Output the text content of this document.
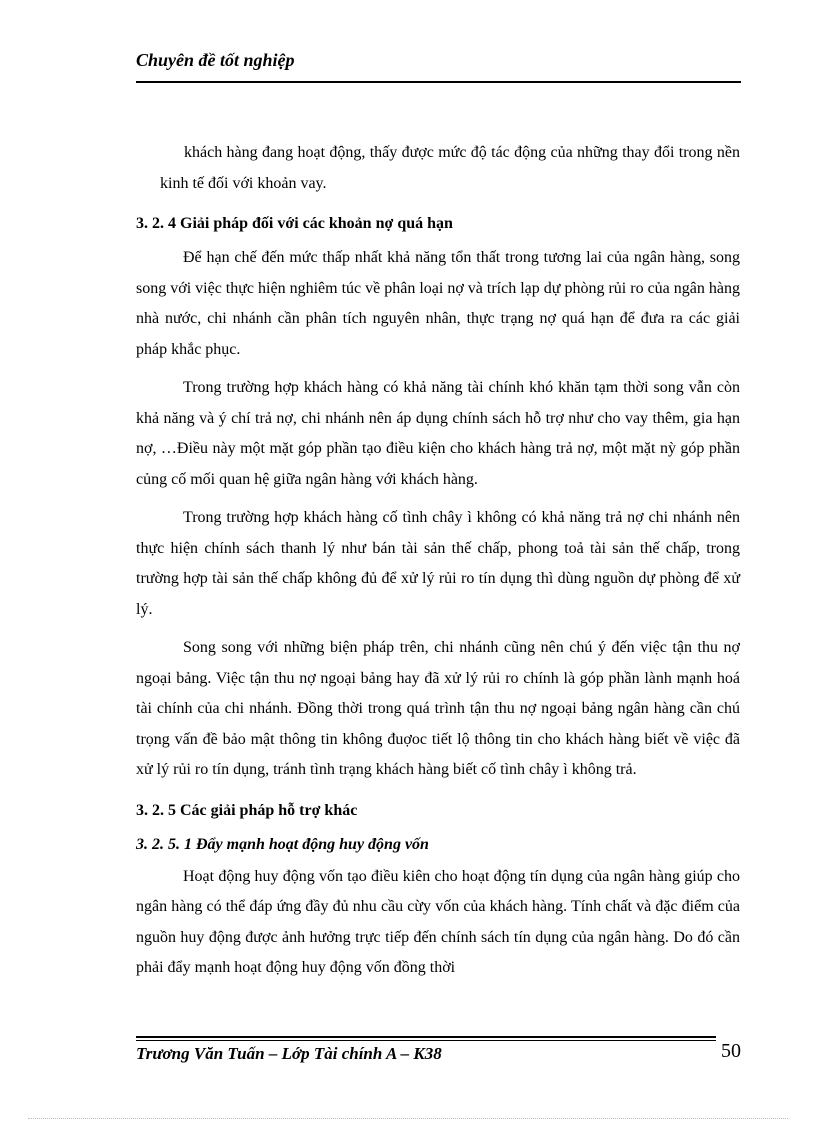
Chuyên đề tốt nghiệp

khách hàng đang hoạt động, thấy được mức độ tác động của những thay đổi trong nền kinh tế đối với khoản vay.

3. 2. 4 Giải pháp đối với các khoản nợ quá hạn

Để hạn chế đến mức thấp nhất khả năng tổn thất trong tương lai của ngân hàng, song song với việc thực hiện nghiêm túc về phân loại nợ và trích lạp dự phòng rủi ro của ngân hàng nhà nước, chi nhánh cần phân tích nguyên nhân, thực trạng nợ quá hạn để đưa ra các giải pháp khắc phục.

Trong trường hợp khách hàng có khả năng tài chính khó khăn tạm thời song vẫn còn khả năng và ý chí trả nợ, chi nhánh nên áp dụng chính sách hỗ trợ như cho vay thêm, gia hạn nợ, …Điều này một mặt góp phần tạo điều kiện cho khách hàng trả nợ, một mặt nỳ góp phần củng cố mối quan hệ giữa ngân hàng với khách hàng.

Trong trường hợp khách hàng cố tình chây ì không có khả năng trả nợ chi nhánh nên thực hiện chính sách thanh lý như bán tài sản thế chấp, phong toả tài sản thế chấp, trong trường hợp tài sản thế chấp không đủ để xử lý rủi ro tín dụng thì dùng nguồn dự phòng để xử lý.

Song song với những biện pháp trên, chi nhánh cũng nên chú ý đến việc tận thu nợ ngoại bảng. Việc tận thu nợ ngoại bảng hay đã xử lý rủi ro chính là góp phần lành mạnh hoá tài chính của chi nhánh. Đồng thời trong quá trình tận thu nợ ngoại bảng ngân hàng cần chú trọng vấn đề bảo mật thông tin không đuợoc tiết lộ thông tin cho khách hàng biết về việc đã xử lý rủi ro tín dụng, tránh tình trạng khách hàng biết cố tình chây ì không trả.

3. 2. 5 Các giải pháp hỗ trợ khác

3. 2. 5. 1 Đẩy mạnh hoạt động huy động vốn

Hoạt động huy động vốn tạo điều kiên cho hoạt động tín dụng của ngân hàng giúp cho ngân hàng có thể đáp ứng đầy đủ nhu cầu cừy vốn của khách hàng. Tính chất và đặc điểm của nguồn huy động được ảnh hưởng trực tiếp đến chính sách tín dụng của ngân hàng. Do đó cần phải đẩy mạnh hoạt động huy động vốn đồng thời

Trương Văn Tuấn – Lớp Tài chính A – K38	50
